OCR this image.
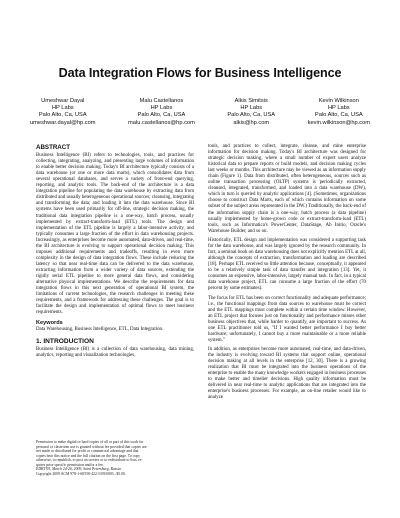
Data Integration Flows for Business Intelligence
Umeshwar Dayal
HP Labs
Palo Alto, Ca, USA
umeshwar.dayal@hp.com
Malu Castellanos
HP Labs
Palo Alto, Ca, USA
malu.castellanos@hp.com
Alkis Simitsis
HP Labs
Palo Alto, Ca, USA
alkis@hp.com
Kevin Wilkinson
HP Labs
Palo Alto, Ca, USA
kevin.wilkinson@hp.com
ABSTRACT

Business Intelligence (BI) refers to technologies, tools, and practices for collecting, integrating, analyzing, and presenting large volumes of information to enable better decision making. Today's BI architecture typically consists of a data warehouse (or one or more data marts), which consolidates data from several operational databases, and serves a variety of front-end querying, reporting, and analytic tools. The back-end of the architecture is a data integration pipeline for populating the data warehouse by extracting data from distributed and usually heterogeneous operational sources; cleansing, integrating and transforming the data; and loading it into the data warehouse. Since BI systems have been used primarily for off-line, strategic decision making, the traditional data integration pipeline is a one-way, batch process, usually implemented by extract-transform-load (ETL) tools. The design and implementation of the ETL pipeline is largely a labor-intensive activity, and typically consumes a large fraction of the effort in data warehousing projects. Increasingly, as enterprises become more automated, data-driven, and real-time, the BI architecture is evolving to support operational decision making. This imposes additional requirements and tradeoffs, resulting in even more complexity in the design of data integration flows. These include reducing the latency so that near real-time data can be delivered to the data warehouse, extracting information from a wider variety of data sources, extending the rigidly serial ETL pipeline to more general data flows, and considering alternative physical implementations. We describe the requirements for data integration flows in this next generation of operational BI system, the limitations of current technologies, the research challenges in meeting these requirements, and a framework for addressing these challenges. The goal is to facilitate the design and implementation of optimal flows to meet business requirements.

Keywords

Data Warehousing, Business Intelligence, ETL, Data Integration.

1. INTRODUCTION

Business Intelligence (BI) is a collection of data warehousing, data mining, analytics, reporting and visualization technologies,

Permission to make digital or hard copies of all or part of this work for
personal or classroom use is granted without fee provided that copies are
not made or distributed for profit or commercial advantage and that
copies bear this notice and the full citation on the first page. To copy
otherwise, to republish, to post on servers or to redistribute to lists, re-
quires prior specific permission and/or a fee.
EDBT'09, March 24-26, 2009, Saint Petersburg, Russia.
Copyright 2009 ACM 978-1-60558-422-5/09/0003...$5.00.

tools, and practices to collect, integrate, cleanse, and mine enterprise information for decision making. Today's BI architecture was designed for strategic decision making, where a small number of expert users analyze historical data to prepare reports or build models, and decision making cycles last weeks or months. This architecture may be viewed as an information supply chain (Figure 1). Data from distributed, often heterogeneous, sources such as online transaction processing (OLTP) systems is periodically extracted, cleansed, integrated, transformed, and loaded into a data warehouse (DW), which in turn is queried by analytic applications [4]. (Sometimes, organizations choose to construct Data Marts, each of which contains information on some subset of the subject areas represented in the DW.) Traditionally, the back-end of the information supply chain is a one-way, batch process (a data pipeline) usually implemented by home-grown code or extract-transform-load (ETL) tools, such as Informatica's PowerCenter, DataStage, Ab Initio, Oracle's Warehouse Builder, and so on.

Historically, ETL design and implementation was considered a supporting task for the data warehouse, and was largely ignored by the research community. In fact, a seminal book on data warehousing does not explicitly mention ETL at all, although the concepts of extraction, transformation and loading are described [18]. Perhaps ETL received so little attention because, conceptually, it appeared to be a relatively simple task of data transfer and integration [13]. Yet, it consumes an expensive, labor-intensive, largely manual task. In fact, in a typical data warehouse project, ETL can consume a large fraction of the effort (70 percent by some estimates).

The focus for ETL has been on correct functionality and adequate performance; i.e., the functional mappings from data sources to warehouse must be correct and the ETL mappings must complete within a certain time window. However, an ETL project that focuses just on functionality and performance misses other business objectives that, while harder to quantify, are important to success. As one ETL practitioner told us, "If I wanted better performance I buy better hardware; unfortunately, I cannot buy a more maintainable or a more reliable system."

In addition, as enterprises become more automated, real-time, and data-driven, the industry is evolving toward BI systems that support online, operational decision making at all levels in the enterprise [12, 30]. There is a growing realization that BI must be integrated into the business operations of the enterprise to enable the many knowledge workers engaged in business processes to make better and timelier decisions. High quality information must be delivered in near real-time to analytic applications that are integrated into the enterprise's business processes. For example, an on-line retailer would like to analyze
